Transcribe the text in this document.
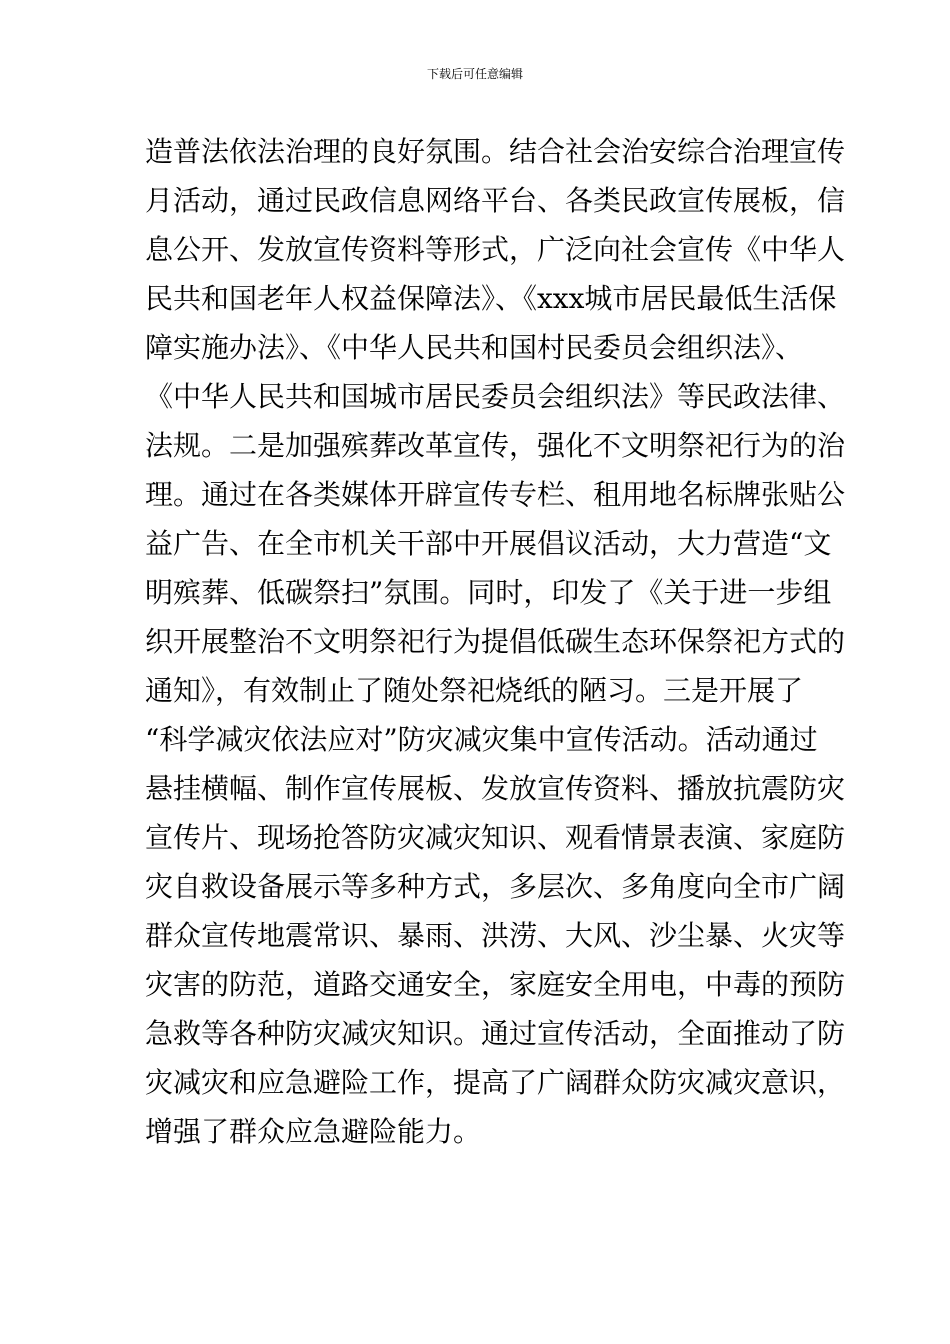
下载后可任意编辑
造普法依法治理的良好氛围。结合社会治安综合治理宣传
月活动，通过民政信息网络平台、各类民政宣传展板，信
息公开、发放宣传资料等形式，广泛向社会宣传《中华人
民共和国老年人权益保障法》、《xxx城市居民最低生活保
障实施办法》、《中华人民共和国村民委员会组织法》、
《中华人民共和国城市居民委员会组织法》等民政法律、
法规。二是加强殡葬改革宣传，强化不文明祭祀行为的治
理。通过在各类媒体开辟宣传专栏、租用地名标牌张贴公
益广告、在全市机关干部中开展倡议活动，大力营造“文
明殡葬、低碳祭扫”氛围。同时，印发了《关于进一步组
织开展整治不文明祭祀行为提倡低碳生态环保祭祀方式的
通知》，有效制止了随处祭祀烧纸的陋习。三是开展了
“科学减灾依法应对”防灾减灾集中宣传活动。活动通过
悬挂横幅、制作宣传展板、发放宣传资料、播放抗震防灾
宣传片、现场抢答防灾减灾知识、观看情景表演、家庭防
灾自救设备展示等多种方式，多层次、多角度向全市广阔
群众宣传地震常识、暴雨、洪涝、大风、沙尘暴、火灾等
灾害的防范，道路交通安全，家庭安全用电，中毒的预防
急救等各种防灾减灾知识。通过宣传活动，全面推动了防
灾减灾和应急避险工作，提高了广阔群众防灾减灾意识，
增强了群众应急避险能力。
